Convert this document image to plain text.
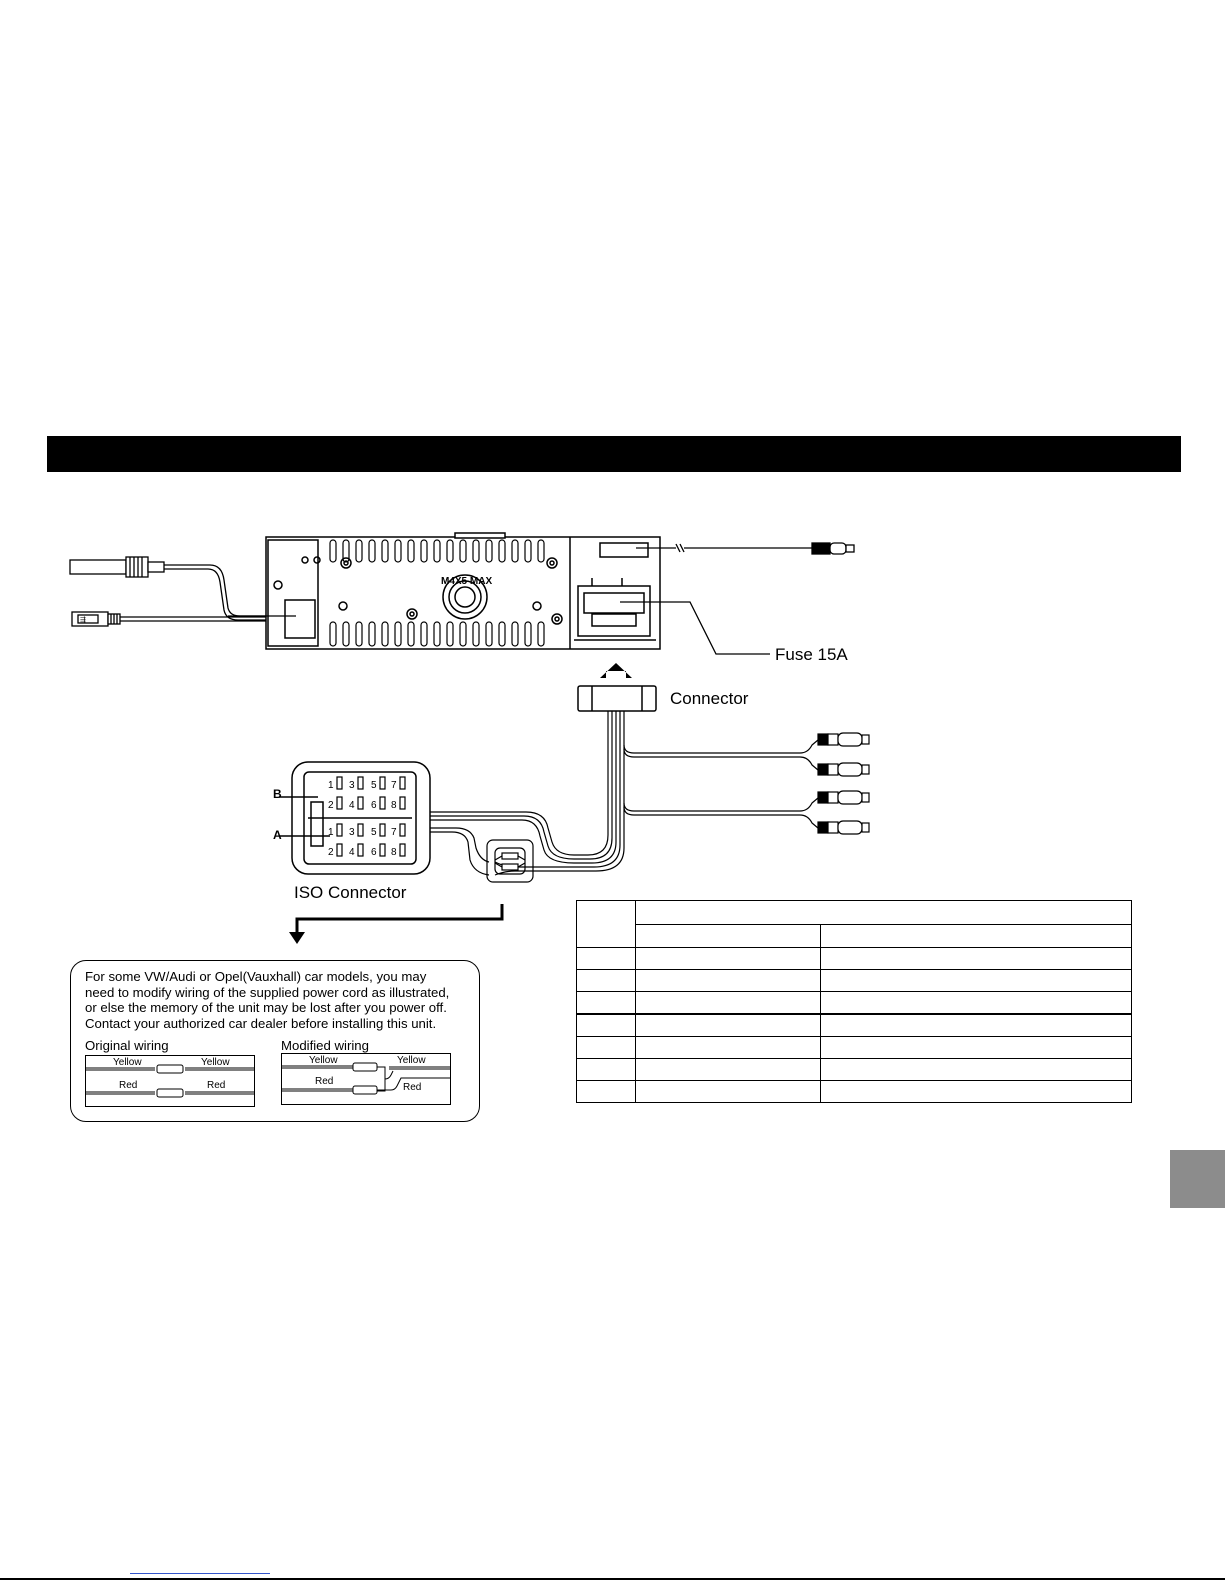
⇶
M4X5 MAX
Fuse 15A
Connector
1 3 5 7
2 4 6 8
1 3 5 7
2 4 6 8
B
A
ISO Connector

For some VW/Audi or Opel(Vauxhall) car models, you may

need to modify wiring of the supplied power cord as illustrated,

or else the memory of the unit may be lost after you power off.

Contact your authorized car dealer before installing this unit.

Original wiring	Modified wiring
Yellow	Yellow
Red	Red
Yellow	Yellow
Red
Red
